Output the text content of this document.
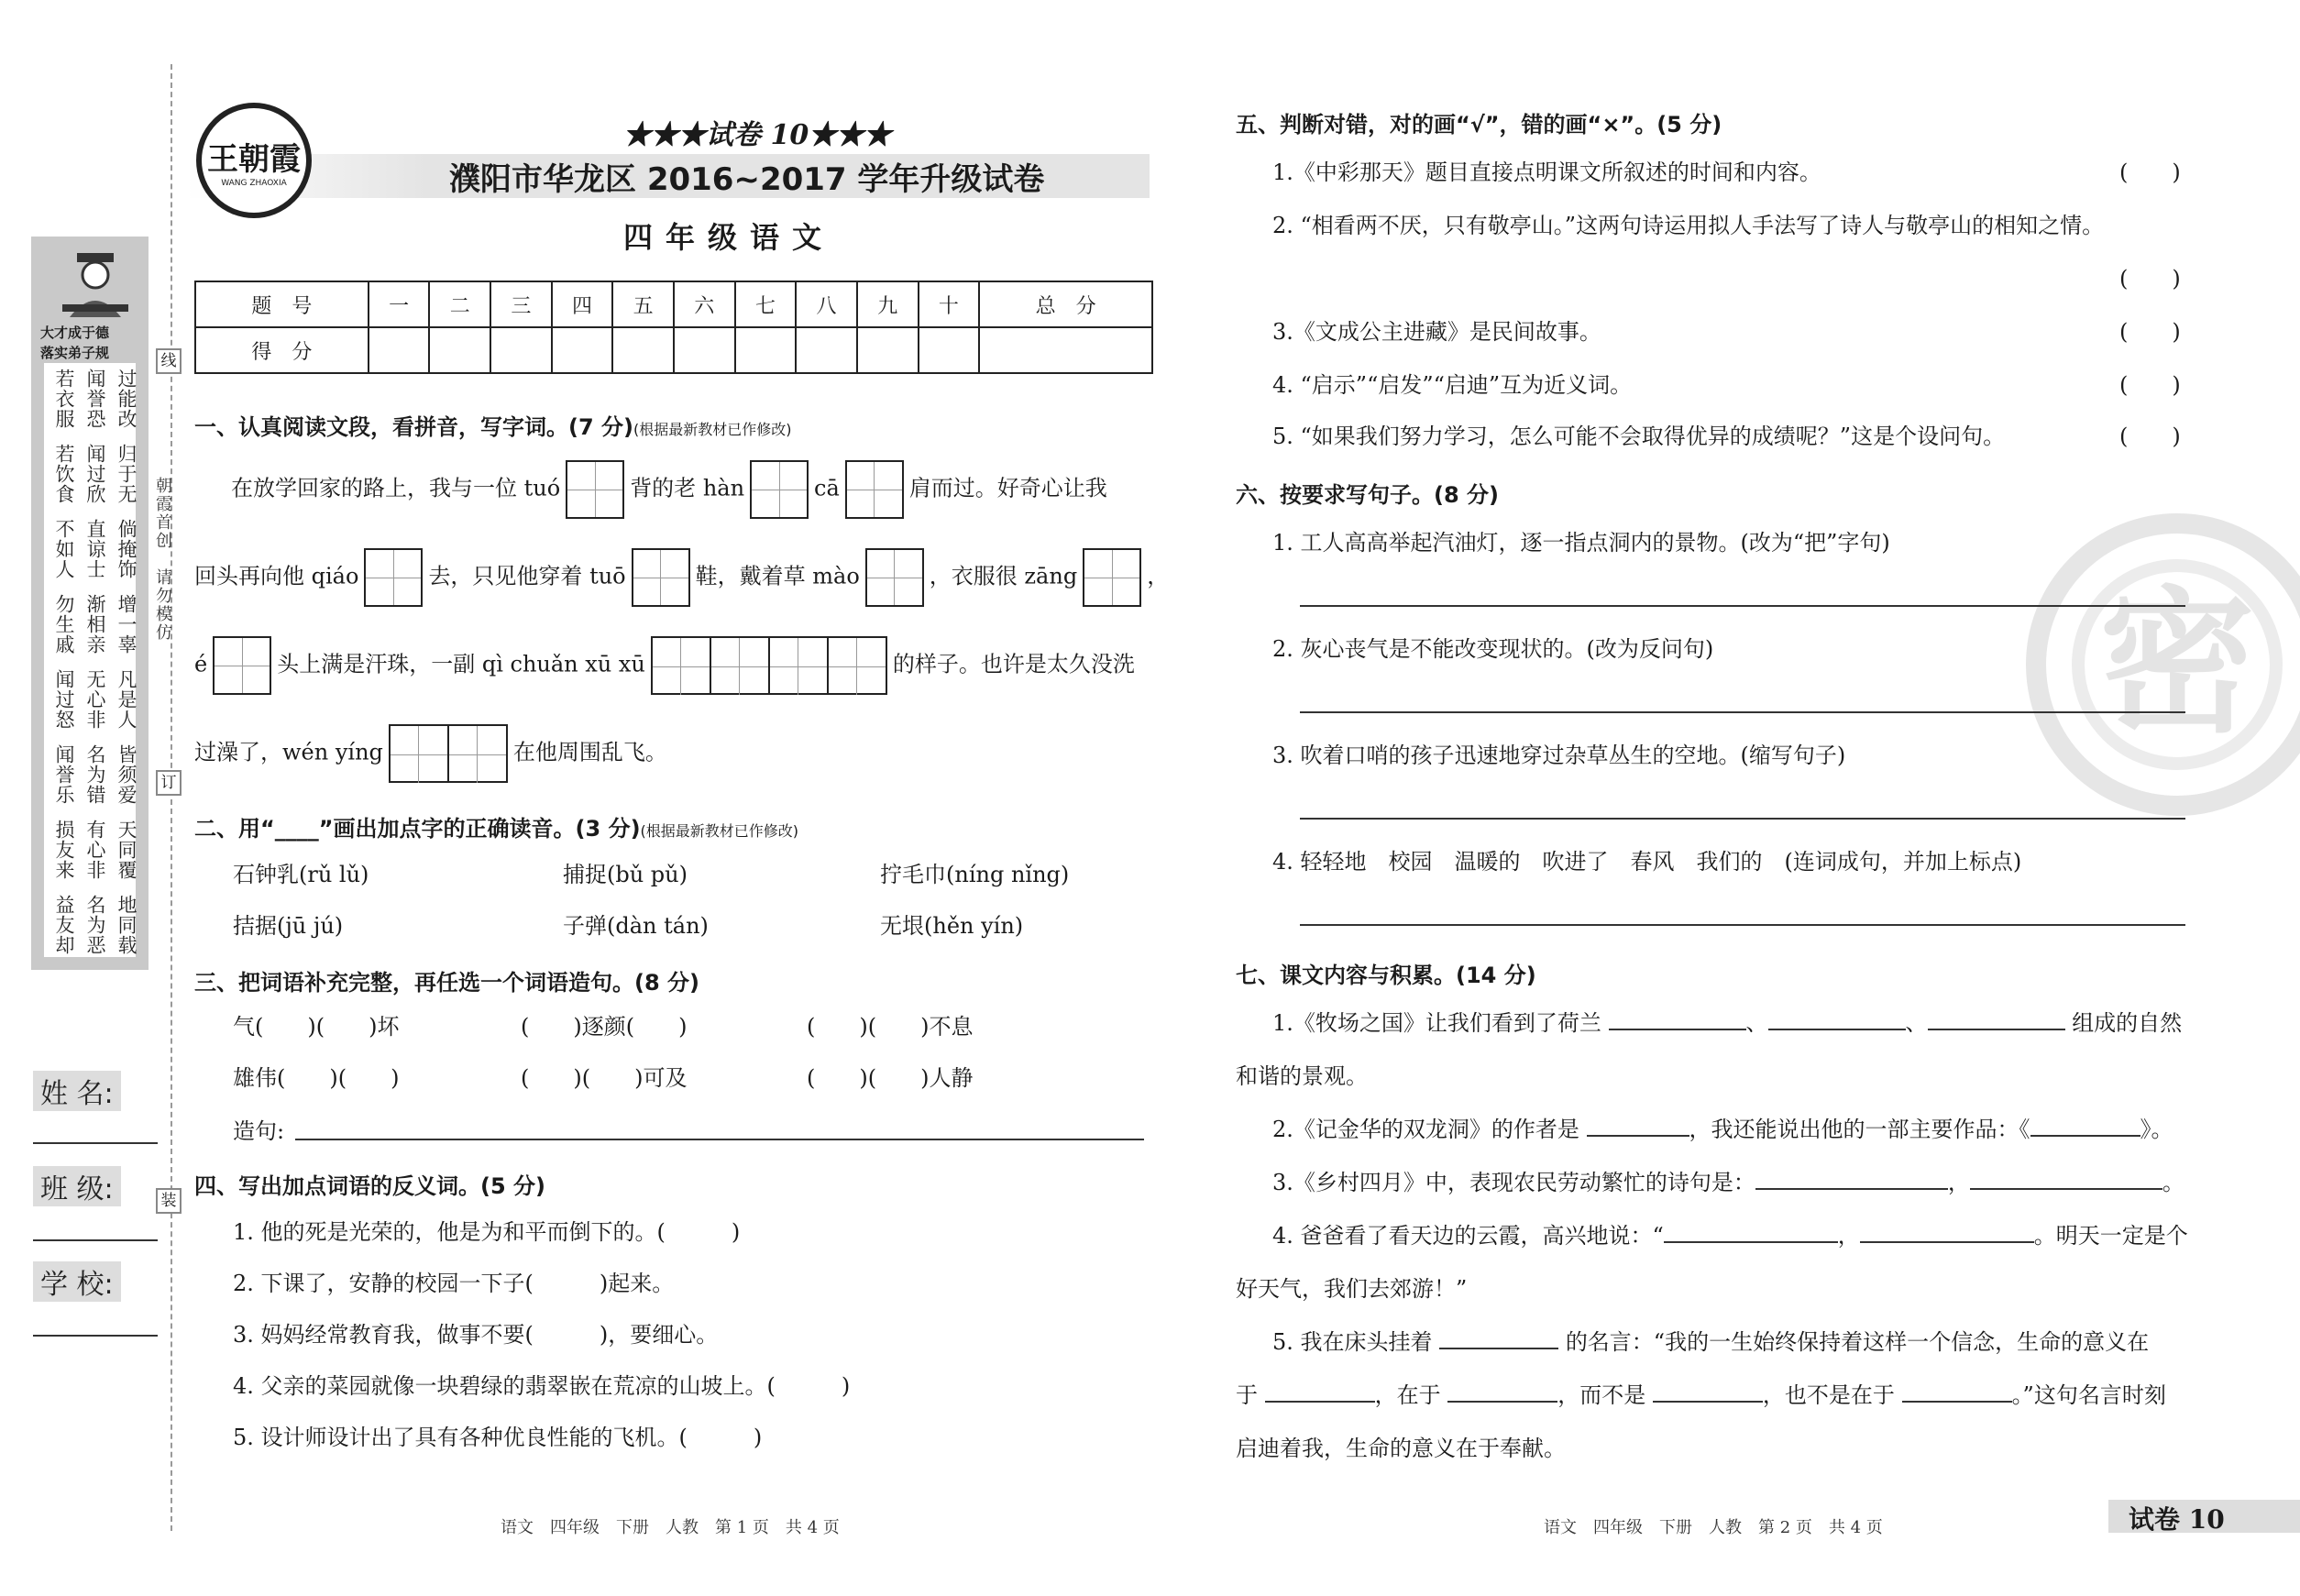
线
订
装
朝霞首创
请勿模仿
大才成于德
落实弟子规
若衣服 闻誉恐 过能改
若饮食 闻过欣 归于无
不如人 直谅士 倘掩饰
勿生戚 渐相亲 增一辜
闻过怒 无心非 凡是人
闻誉乐 名为错 皆须爱
损友来 有心非 天同覆
益友却 名为恶 地同载
姓 名:
班 级:
学 校:
王朝霞
WANG ZHAOXIA
★★★试卷 10★★★
濮阳市华龙区 2016~2017 学年升级试卷
四年级语文
题　号	一	二	三	四	五	六	七	八	九	十	总　分
得　分											
一、认真阅读文段，看拼音，写字词。(7 分)(根据最新教材已作修改)
在放学回家的路上，我与一位 tuó	背的老 hàn	cā	肩而过。好奇心让我
回头再向他 qiáo	去，只见他穿着 tuō	鞋，戴着草 mào	，衣服很 zāng	，
é	头上满是汗珠，一副 qì chuǎn xū xū	的样子。也许是太久没洗
过澡了，wén yíng	在他周围乱飞。
二、用“____”画出加点字的正确读音。(3 分)(根据最新教材已作修改)
石钟乳(rǔ lǔ)	捕捉(bǔ pǔ)	拧毛巾(níng nǐng)
拮据(jū jú)	子弹(dàn tán)	无垠(hěn yín)
三、把词语补充完整，再任选一个词语造句。(8 分)
气(　　)(　　)坏	(　　)逐颜(　　)	(　　)(　　)不息
雄伟(　　)(　　)	(　　)(　　)可及	(　　)(　　)人静
造句:
四、写出加点词语的反义词。(5 分)
1. 他的死是光荣的，他是为和平而倒下的。(　　　)
2. 下课了，安静的校园一下子(　　　)起来。
3. 妈妈经常教育我，做事不要(　　　)，要细心。
4. 父亲的菜园就像一块碧绿的翡翠嵌在荒凉的山坡上。(　　　)
5. 设计师设计出了具有各种优良性能的飞机。(　　　)
语文　四年级　下册　人教　第 1 页　共 4 页
密
五、判断对错，对的画“√”，错的画“×”。(5 分)
1.《中彩那天》题目直接点明课文所叙述的时间和内容。	(　　)
2. “相看两不厌，只有敬亭山。”这两句诗运用拟人手法写了诗人与敬亭山的相知之情。
(　　)
3.《文成公主进藏》是民间故事。	(　　)
4. “启示”“启发”“启迪”互为近义词。	(　　)
5. “如果我们努力学习，怎么可能不会取得优异的成绩呢？”这是个设问句。	(　　)
六、按要求写句子。(8 分)
1. 工人高高举起汽油灯，逐一指点洞内的景物。(改为“把”字句)
2. 灰心丧气是不能改变现状的。(改为反问句)
3. 吹着口哨的孩子迅速地穿过杂草丛生的空地。(缩写句子)
4. 轻轻地　校园　温暖的　吹进了　春风　我们的　(连词成句，并加上标点)
七、课文内容与积累。(14 分)
1.《牧场之国》让我们看到了荷兰	、	、	组成的自然
和谐的景观。
2.《记金华的双龙洞》的作者是	，我还能说出他的一部主要作品：《	》。
3.《乡村四月》中，表现农民劳动繁忙的诗句是：	，	。
4. 爸爸看了看天边的云霞，高兴地说：“	，	。明天一定是个
好天气，我们去郊游！”
5. 我在床头挂着	的名言：“我的一生始终保持着这样一个信念，生命的意义在
于	，在于	，而不是	，也不是在于	。”这句名言时刻
启迪着我，生命的意义在于奉献。
语文　四年级　下册　人教　第 2 页　共 4 页	试卷 10
